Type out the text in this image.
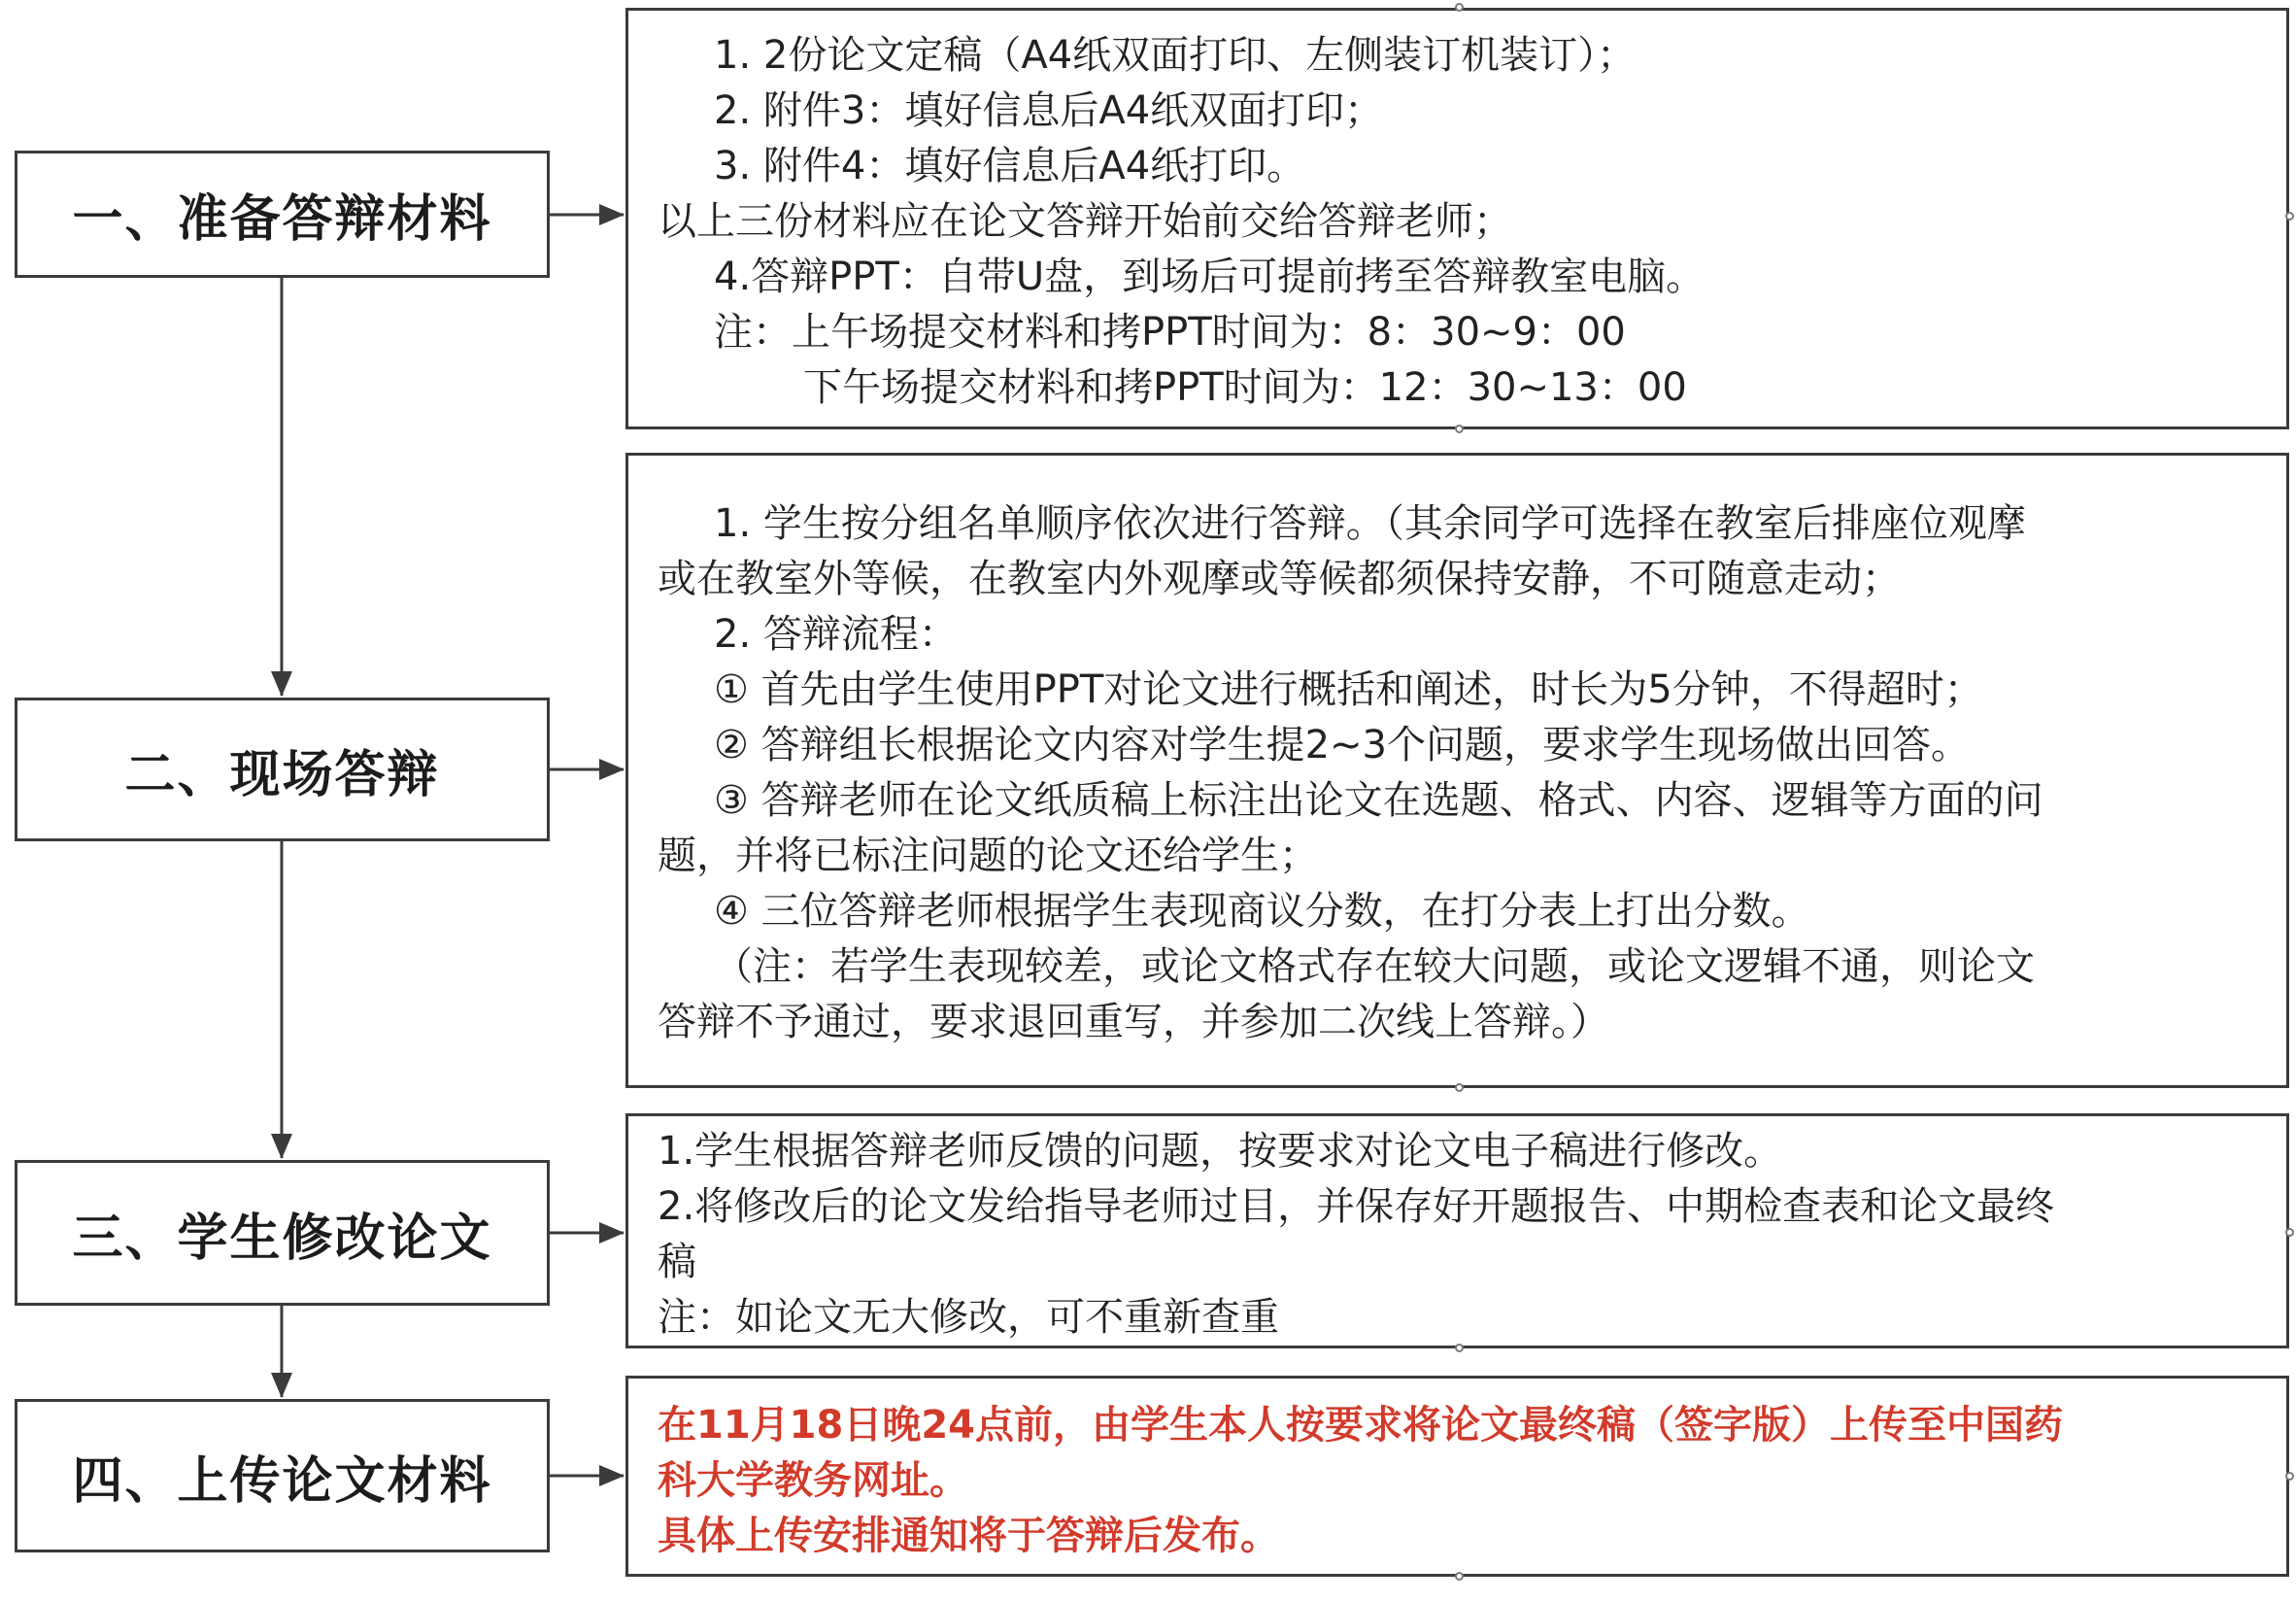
一、准备答辩材料
二、现场答辩
三、学生修改论文
四、上传论文材料
1. 2份论文定稿（A4纸双面打印、左侧装订机装订）；
2. 附件3：填好信息后A4纸双面打印；
3. 附件4：填好信息后A4纸打印。
以上三份材料应在论文答辩开始前交给答辩老师；
4.答辩PPT：自带U盘，到场后可提前拷至答辩教室电脑。
注：上午场提交材料和拷PPT时间为：8：30~9：00
下午场提交材料和拷PPT时间为：12：30~13：00
1. 学生按分组名单顺序依次进行答辩。（其余同学可选择在教室后排座位观摩
或在教室外等候，在教室内外观摩或等候都须保持安静，不可随意走动；
2. 答辩流程：
① 首先由学生使用PPT对论文进行概括和阐述，时长为5分钟，不得超时；
② 答辩组长根据论文内容对学生提2~3个问题，要求学生现场做出回答。
③ 答辩老师在论文纸质稿上标注出论文在选题、格式、内容、逻辑等方面的问
题，并将已标注问题的论文还给学生；
④ 三位答辩老师根据学生表现商议分数，在打分表上打出分数。
（注：若学生表现较差，或论文格式存在较大问题，或论文逻辑不通，则论文
答辩不予通过，要求退回重写，并参加二次线上答辩。）
1.学生根据答辩老师反馈的问题，按要求对论文电子稿进行修改。
2.将修改后的论文发给指导老师过目，并保存好开题报告、中期检查表和论文最终
稿
注：如论文无大修改，可不重新查重
在11月18日晚24点前，由学生本人按要求将论文最终稿（签字版）上传至中国药
科大学教务网址。
具体上传安排通知将于答辩后发布。
